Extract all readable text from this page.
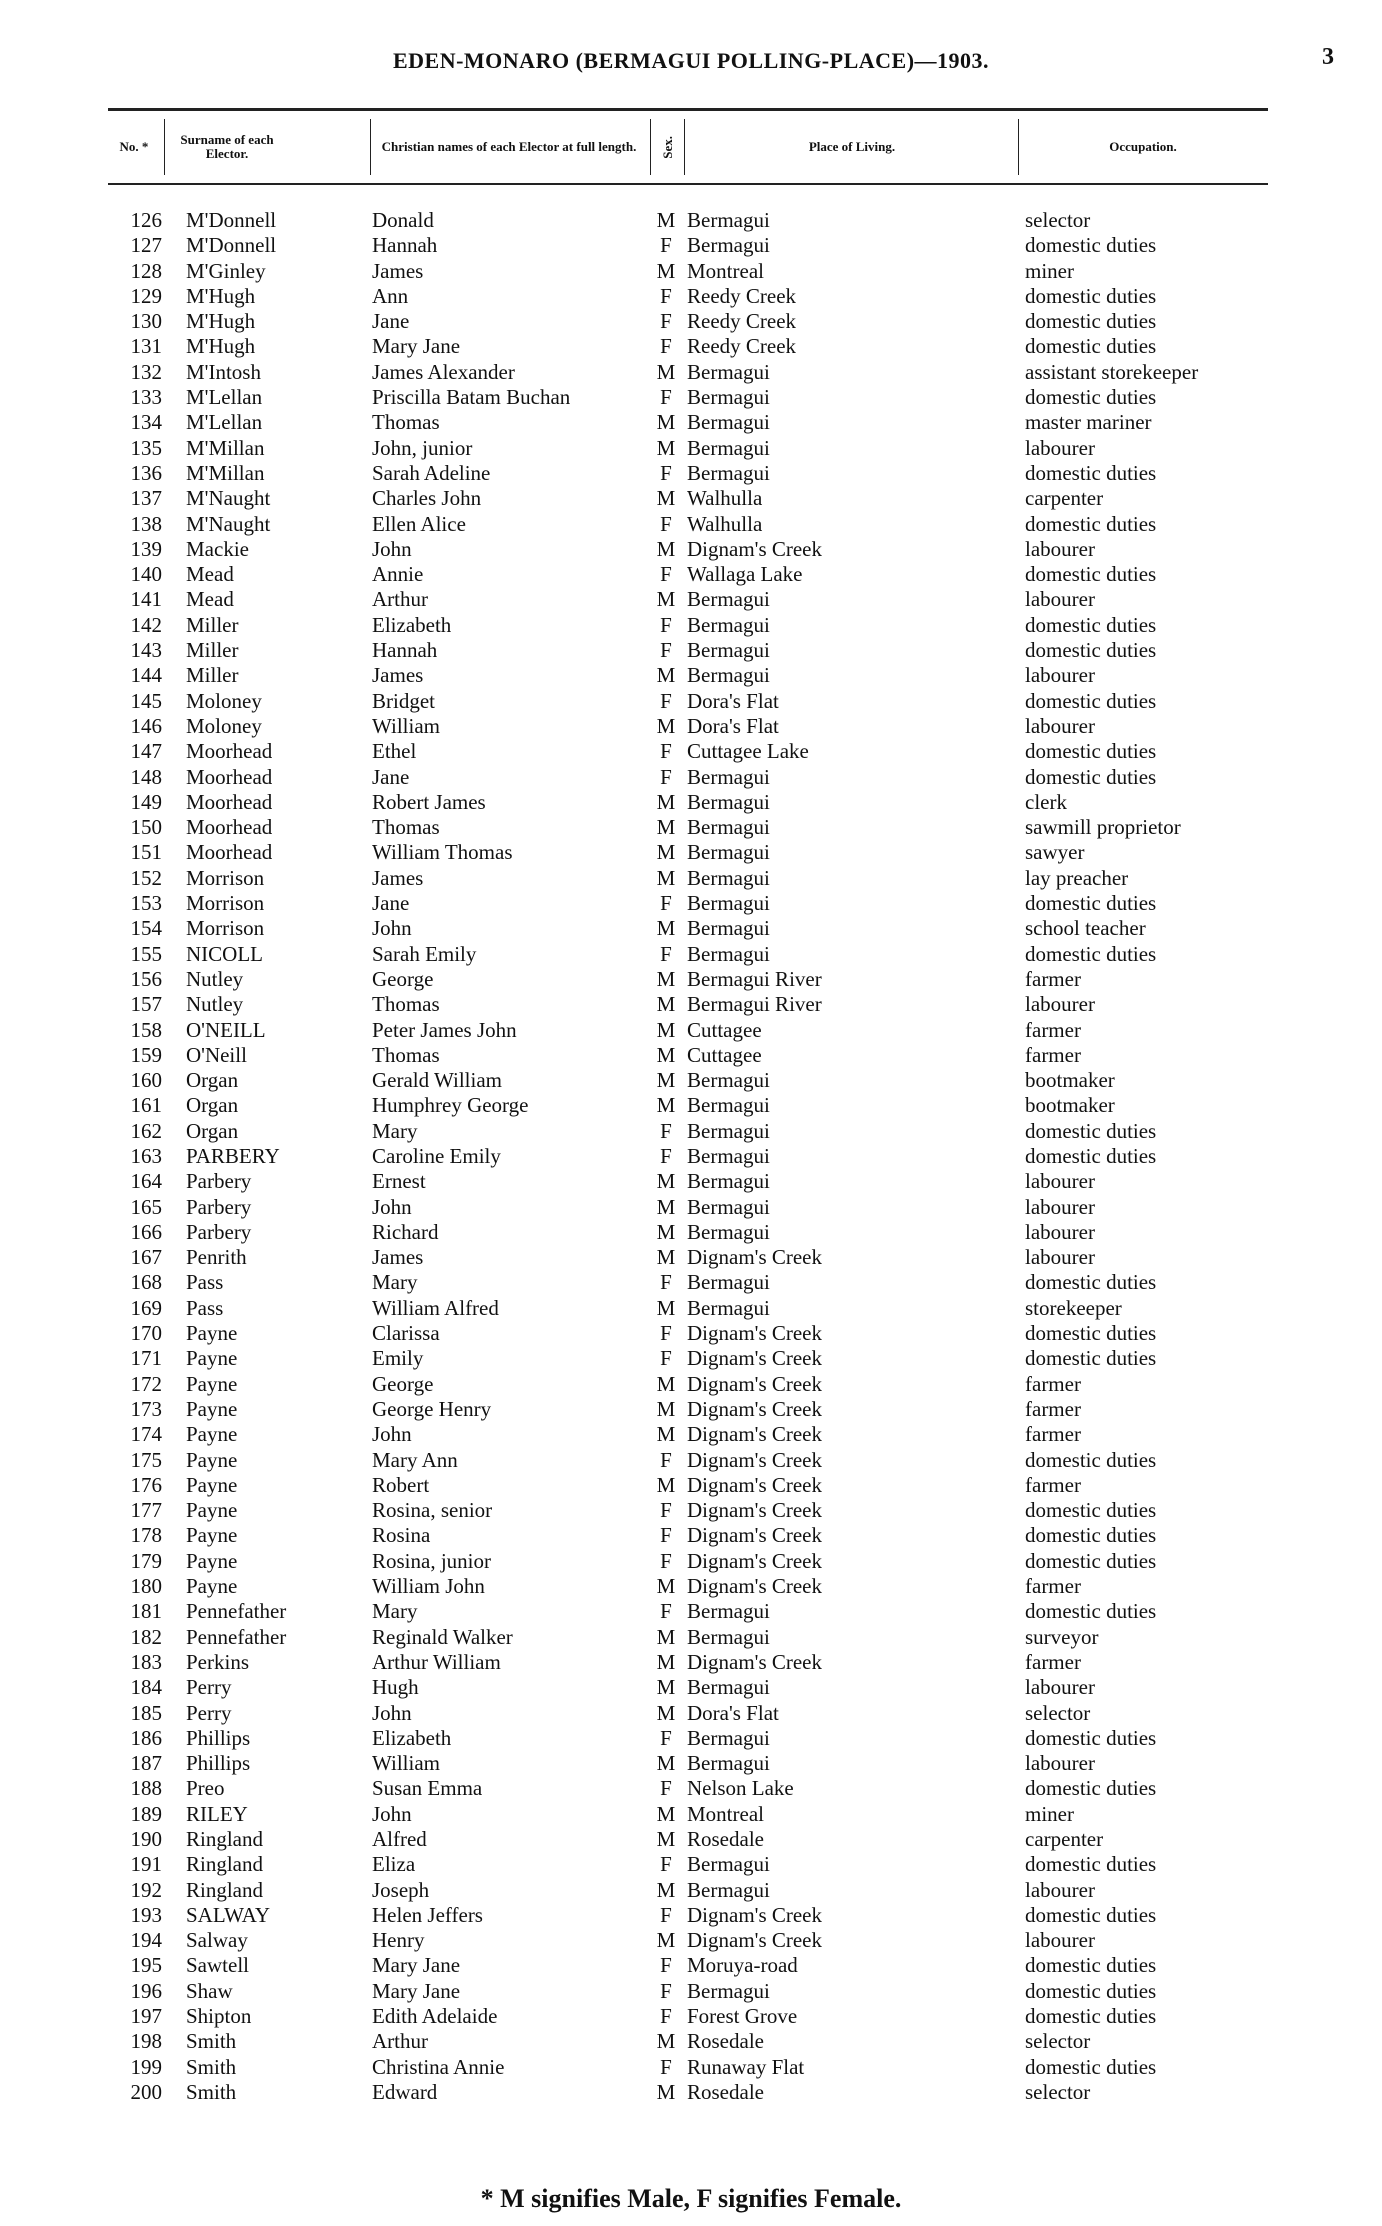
EDEN-MONARO (BERMAGUI POLLING-PLACE)—1903.	3
No. *	Surname of each Elector.	Christian names of each Elector at full length.	Sex.	Place of Living.	Occupation.
126 M'Donnell	Donald	M Bermagui	selector
127 M'Donnell	Hannah	F Bermagui	domestic duties
128 M'Ginley	James	M Montreal	miner
129 M'Hugh	Ann	F Reedy Creek	domestic duties
130 M'Hugh	Jane	F Reedy Creek	domestic duties
131 M'Hugh	Mary Jane	F Reedy Creek	domestic duties
132 M'Intosh	James Alexander	M Bermagui	assistant storekeeper
133 M'Lellan	Priscilla Batam Buchan	F Bermagui	domestic duties
134 M'Lellan	Thomas	M Bermagui	master mariner
135 M'Millan	John, junior	M Bermagui	labourer
136 M'Millan	Sarah Adeline	F Bermagui	domestic duties
137 M'Naught	Charles John	M Walhulla	carpenter
138 M'Naught	Ellen Alice	F Walhulla	domestic duties
139 Mackie	John	M Dignam's Creek	labourer
140 Mead	Annie	F Wallaga Lake	domestic duties
141 Mead	Arthur	M Bermagui	labourer
142 Miller	Elizabeth	F Bermagui	domestic duties
143 Miller	Hannah	F Bermagui	domestic duties
144 Miller	James	M Bermagui	labourer
145 Moloney	Bridget	F Dora's Flat	domestic duties
146 Moloney	William	M Dora's Flat	labourer
147 Moorhead	Ethel	F Cuttagee Lake	domestic duties
148 Moorhead	Jane	F Bermagui	domestic duties
149 Moorhead	Robert James	M Bermagui	clerk
150 Moorhead	Thomas	M Bermagui	sawmill proprietor
151 Moorhead	William Thomas	M Bermagui	sawyer
152 Morrison	James	M Bermagui	lay preacher
153 Morrison	Jane	F Bermagui	domestic duties
154 Morrison	John	M Bermagui	school teacher
155 NICOLL	Sarah Emily	F Bermagui	domestic duties
156 Nutley	George	M Bermagui River	farmer
157 Nutley	Thomas	M Bermagui River	labourer
158 O'NEILL	Peter James John	M Cuttagee	farmer
159 O'Neill	Thomas	M Cuttagee	farmer
160 Organ	Gerald William	M Bermagui	bootmaker
161 Organ	Humphrey George	M Bermagui	bootmaker
162 Organ	Mary	F Bermagui	domestic duties
163 PARBERY	Caroline Emily	F Bermagui	domestic duties
164 Parbery	Ernest	M Bermagui	labourer
165 Parbery	John	M Bermagui	labourer
166 Parbery	Richard	M Bermagui	labourer
167 Penrith	James	M Dignam's Creek	labourer
168 Pass	Mary	F Bermagui	domestic duties
169 Pass	William Alfred	M Bermagui	storekeeper
170 Payne	Clarissa	F Dignam's Creek	domestic duties
171 Payne	Emily	F Dignam's Creek	domestic duties
172 Payne	George	M Dignam's Creek	farmer
173 Payne	George Henry	M Dignam's Creek	farmer
174 Payne	John	M Dignam's Creek	farmer
175 Payne	Mary Ann	F Dignam's Creek	domestic duties
176 Payne	Robert	M Dignam's Creek	farmer
177 Payne	Rosina, senior	F Dignam's Creek	domestic duties
178 Payne	Rosina	F Dignam's Creek	domestic duties
179 Payne	Rosina, junior	F Dignam's Creek	domestic duties
180 Payne	William John	M Dignam's Creek	farmer
181 Pennefather	Mary	F Bermagui	domestic duties
182 Pennefather	Reginald Walker	M Bermagui	surveyor
183 Perkins	Arthur William	M Dignam's Creek	farmer
184 Perry	Hugh	M Bermagui	labourer
185 Perry	John	M Dora's Flat	selector
186 Phillips	Elizabeth	F Bermagui	domestic duties
187 Phillips	William	M Bermagui	labourer
188 Preo	Susan Emma	F Nelson Lake	domestic duties
189 RILEY	John	M Montreal	miner
190 Ringland	Alfred	M Rosedale	carpenter
191 Ringland	Eliza	F Bermagui	domestic duties
192 Ringland	Joseph	M Bermagui	labourer
193 SALWAY	Helen Jeffers	F Dignam's Creek	domestic duties
194 Salway	Henry	M Dignam's Creek	labourer
195 Sawtell	Mary Jane	F Moruya-road	domestic duties
196 Shaw	Mary Jane	F Bermagui	domestic duties
197 Shipton	Edith Adelaide	F Forest Grove	domestic duties
198 Smith	Arthur	M Rosedale	selector
199 Smith	Christina Annie	F Runaway Flat	domestic duties
200 Smith	Edward	M Rosedale	selector
* M signifies Male, F signifies Female.
